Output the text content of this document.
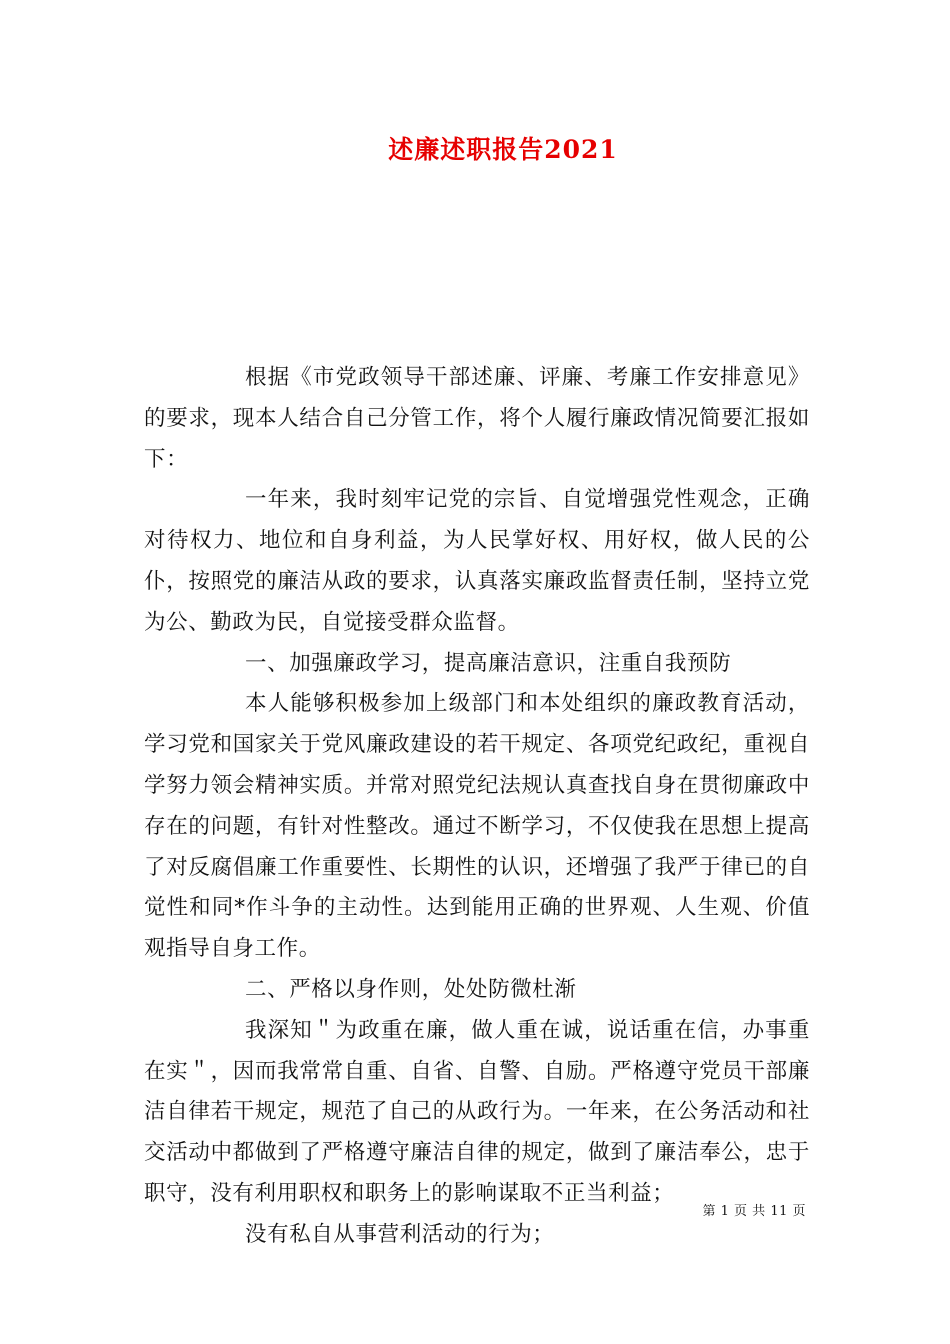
述廉述职报告2021

根据《市党政领导干部述廉、评廉、考廉工作安排意见》的要求，现本人结合自己分管工作，将个人履行廉政情况简要汇报如下：

一年来，我时刻牢记党的宗旨、自觉增强党性观念，正确对待权力、地位和自身利益，为人民掌好权、用好权，做人民的公仆，按照党的廉洁从政的要求，认真落实廉政监督责任制，坚持立党为公、勤政为民，自觉接受群众监督。

一、加强廉政学习，提高廉洁意识，注重自我预防

本人能够积极参加上级部门和本处组织的廉政教育活动，学习党和国家关于党风廉政建设的若干规定、各项党纪政纪，重视自学努力领会精神实质。并常对照党纪法规认真查找自身在贯彻廉政中存在的问题，有针对性整改。通过不断学习，不仅使我在思想上提高了对反腐倡廉工作重要性、长期性的认识，还增强了我严于律已的自觉性和同*作斗争的主动性。达到能用正确的世界观、人生观、价值观指导自身工作。

二、严格以身作则，处处防微杜渐

我深知＂为政重在廉，做人重在诚，说话重在信，办事重在实＂，因而我常常自重、自省、自警、自励。严格遵守党员干部廉洁自律若干规定，规范了自己的从政行为。一年来，在公务活动和社交活动中都做到了严格遵守廉洁自律的规定，做到了廉洁奉公，忠于职守，没有利用职权和职务上的影响谋取不正当利益；

没有私自从事营利活动的行为；

第 1 页 共 11 页
